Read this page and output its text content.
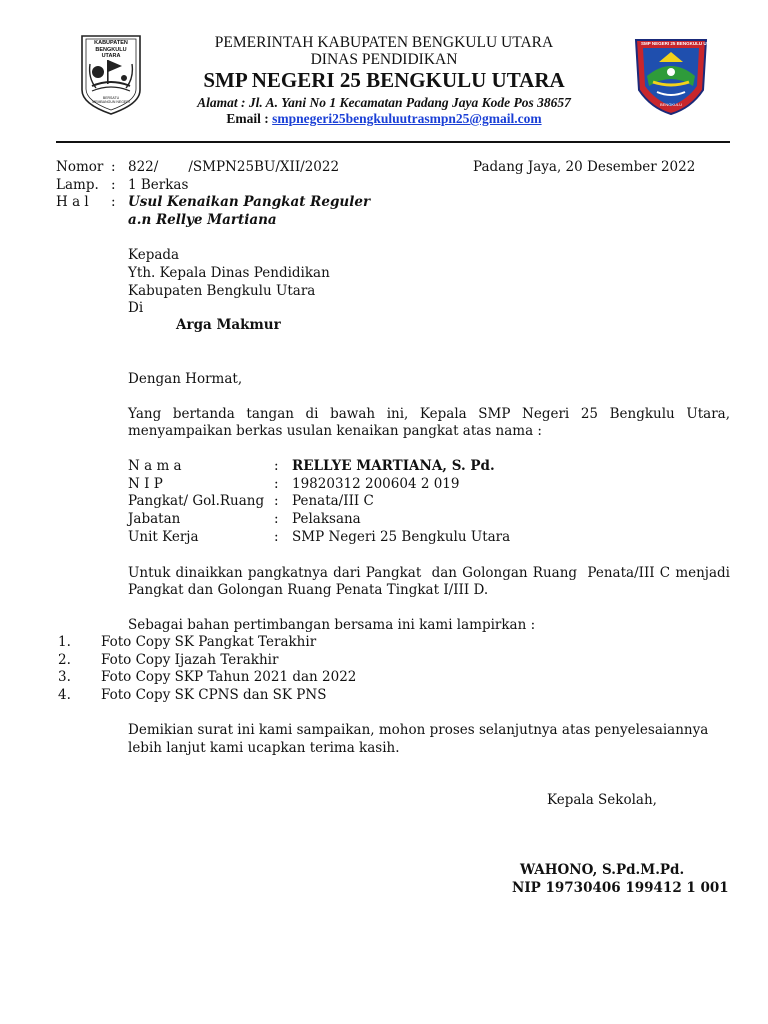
KABUPATEN BENGKULU UTARA
BERSATU MEMBANGUN NEGERI
SMP NEGERI 25 BENGKULU UTARA
BENGKULU
PEMERINTAH KABUPATEN BENGKULU UTARA
DINAS PENDIDIKAN
SMP NEGERI 25 BENGKULU UTARA
Alamat : Jl. A. Yani No 1 Kecamatan Padang Jaya Kode Pos 38657
Email : smpnegeri25bengkuluutrasmpn25@gmail.com
Nomor : 822/       /SMPN25BU/XII/2022	Padang Jaya, 20 Desember 2022
Lamp. : 1 Berkas
H a l : Usul Kenaikan Pangkat Reguler
a.n Rellye Martiana
Kepada
Yth. Kepala Dinas Pendidikan
Kabupaten Bengkulu Utara
Di
Arga Makmur
Dengan Hormat,
Yang bertanda tangan di bawah ini, Kepala SMP Negeri 25 Bengkulu Utara,
menyampaikan berkas usulan kenaikan pangkat atas nama :
N a m a	: RELLYE MARTIANA, S. Pd.
N I P	: 19820312 200604 2 019
Pangkat/ Gol.Ruang : Penata/III C
Jabatan	: Pelaksana
Unit Kerja	: SMP Negeri 25 Bengkulu Utara
Untuk dinaikkan pangkatnya dari Pangkat  dan Golongan Ruang  Penata/III C menjadi
Pangkat dan Golongan Ruang Penata Tingkat I/III D.
Sebagai bahan pertimbangan bersama ini kami lampirkan :
1. Foto Copy SK Pangkat Terakhir
2. Foto Copy Ijazah Terakhir
3. Foto Copy SKP Tahun 2021 dan 2022
4. Foto Copy SK CPNS dan SK PNS
Demikian surat ini kami sampaikan, mohon proses selanjutnya atas penyelesaiannya
lebih lanjut kami ucapkan terima kasih.
Kepala Sekolah,
WAHONO, S.Pd.M.Pd.
NIP 19730406 199412 1 001
